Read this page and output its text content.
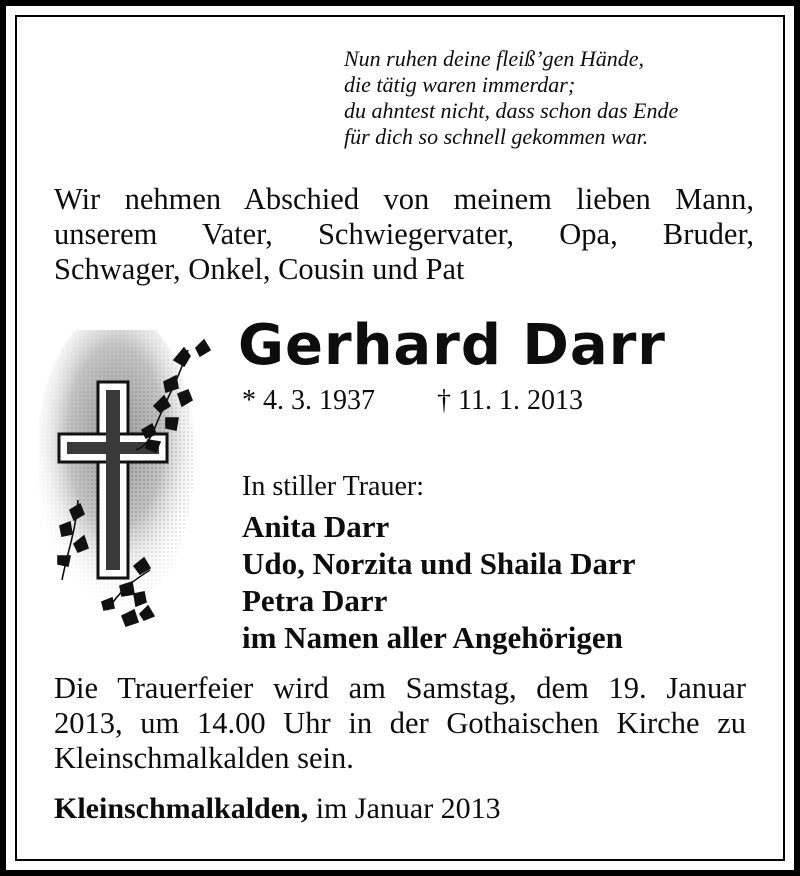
Nun ruhen deine fleiß’gen Hände,
die tätig waren immerdar;
du ahntest nicht, dass schon das Ende
für dich so schnell gekommen war.
Wir nehmen Abschied von meinem lieben Mann,
unserem Vater, Schwiegervater, Opa, Bruder,
Schwager, Onkel, Cousin und Pat
Gerhard Darr
* 4. 3. 1937 † 11. 1. 2013
In stiller Trauer:
Anita Darr
Udo, Norzita und Shaila Darr
Petra Darr
im Namen aller Angehörigen
Die Trauerfeier wird am Samstag, dem 19. Januar
2013, um 14.00 Uhr in der Gothaischen Kirche zu
Kleinschmalkalden sein.
Kleinschmalkalden, im Januar 2013
